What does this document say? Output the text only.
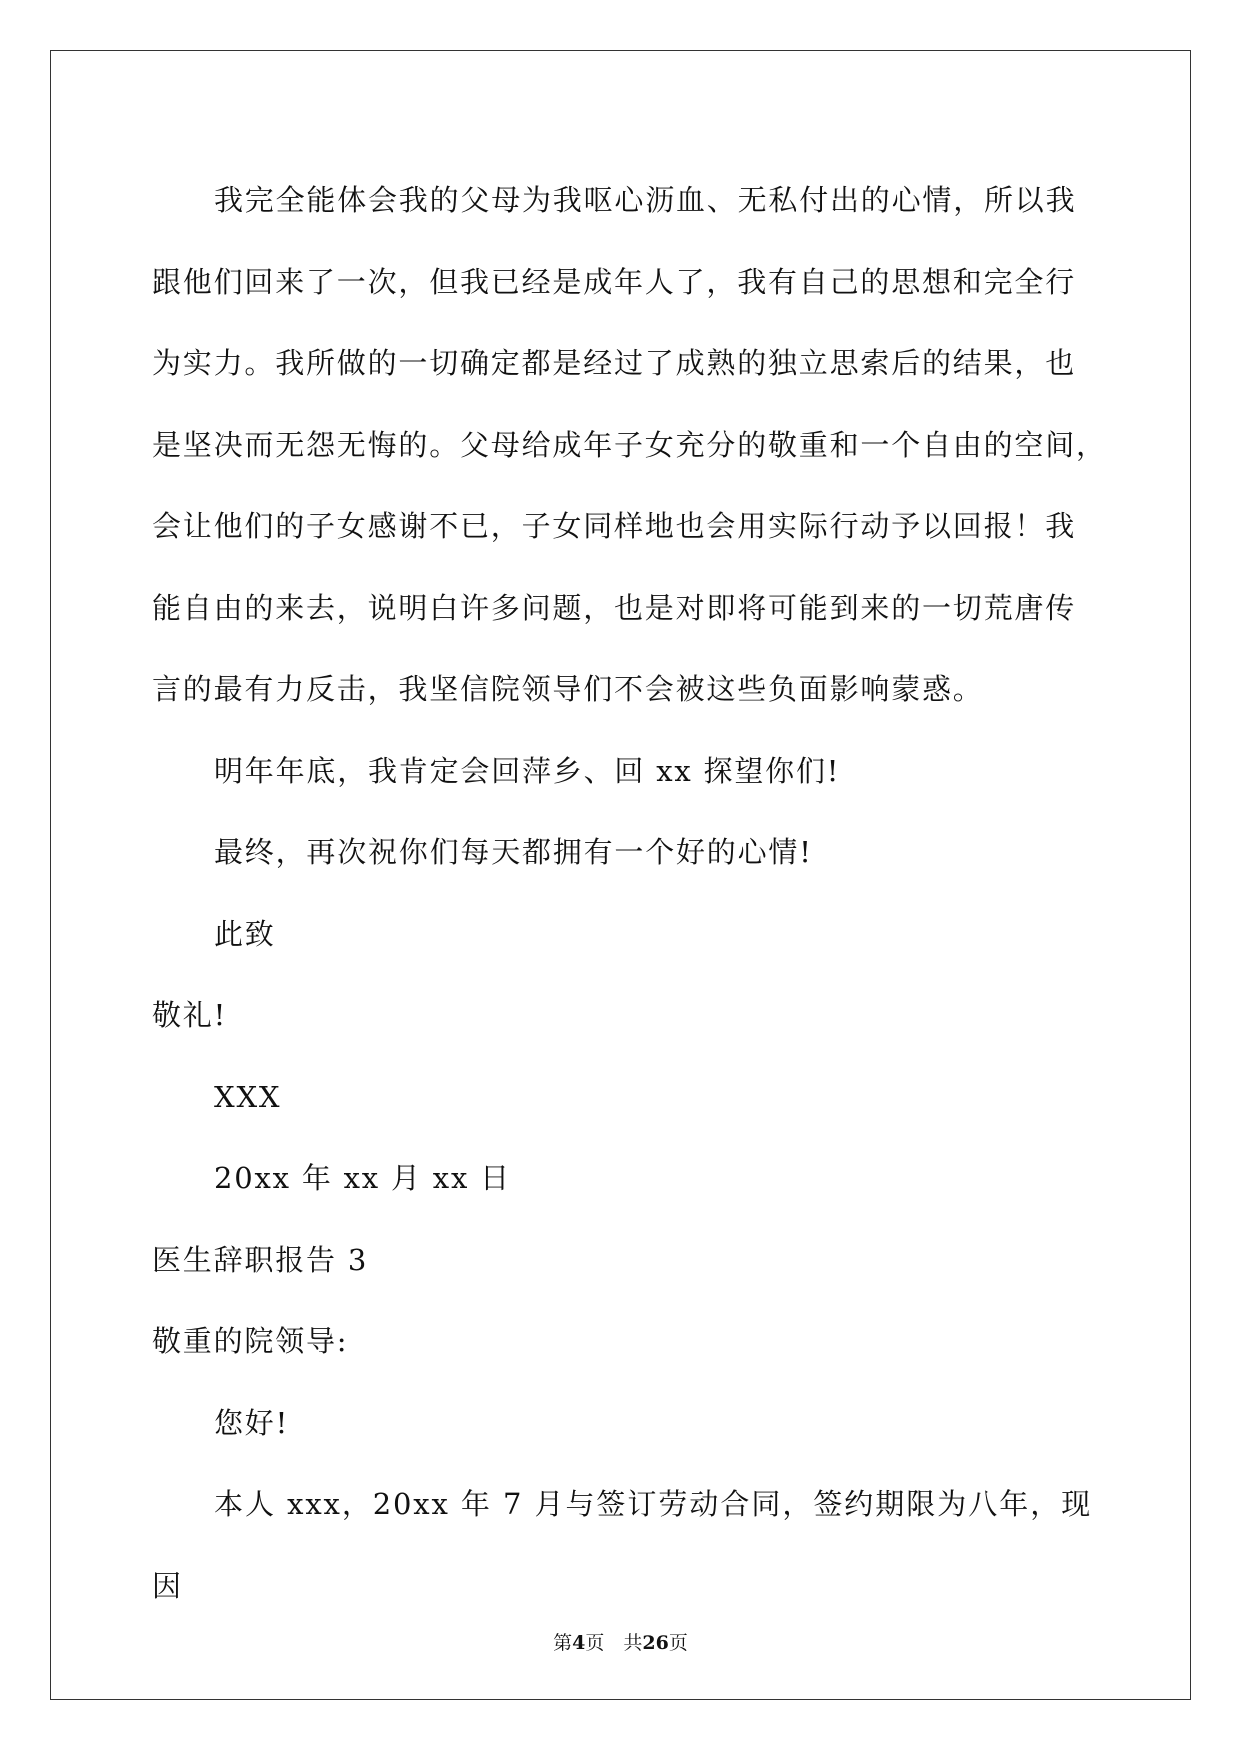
我完全能体会我的父母为我呕心沥血、无私付出的心情，所以我
跟他们回来了一次，但我已经是成年人了，我有自己的思想和完全行
为实力。我所做的一切确定都是经过了成熟的独立思索后的结果，也
是坚决而无怨无悔的。父母给成年子女充分的敬重和一个自由的空间，
会让他们的子女感谢不已，子女同样地也会用实际行动予以回报！我
能自由的来去，说明白许多问题，也是对即将可能到来的一切荒唐传
言的最有力反击，我坚信院领导们不会被这些负面影响蒙惑。

明年年底，我肯定会回萍乡、回 xx 探望你们!

最终，再次祝你们每天都拥有一个好的心情!

此致

敬礼!

XXX

20xx 年 xx 月 xx 日

医生辞职报告 3

敬重的院领导:

您好!

本人 xxx，20xx 年 7 月与签订劳动合同，签约期限为八年，现因

第4页　共26页
